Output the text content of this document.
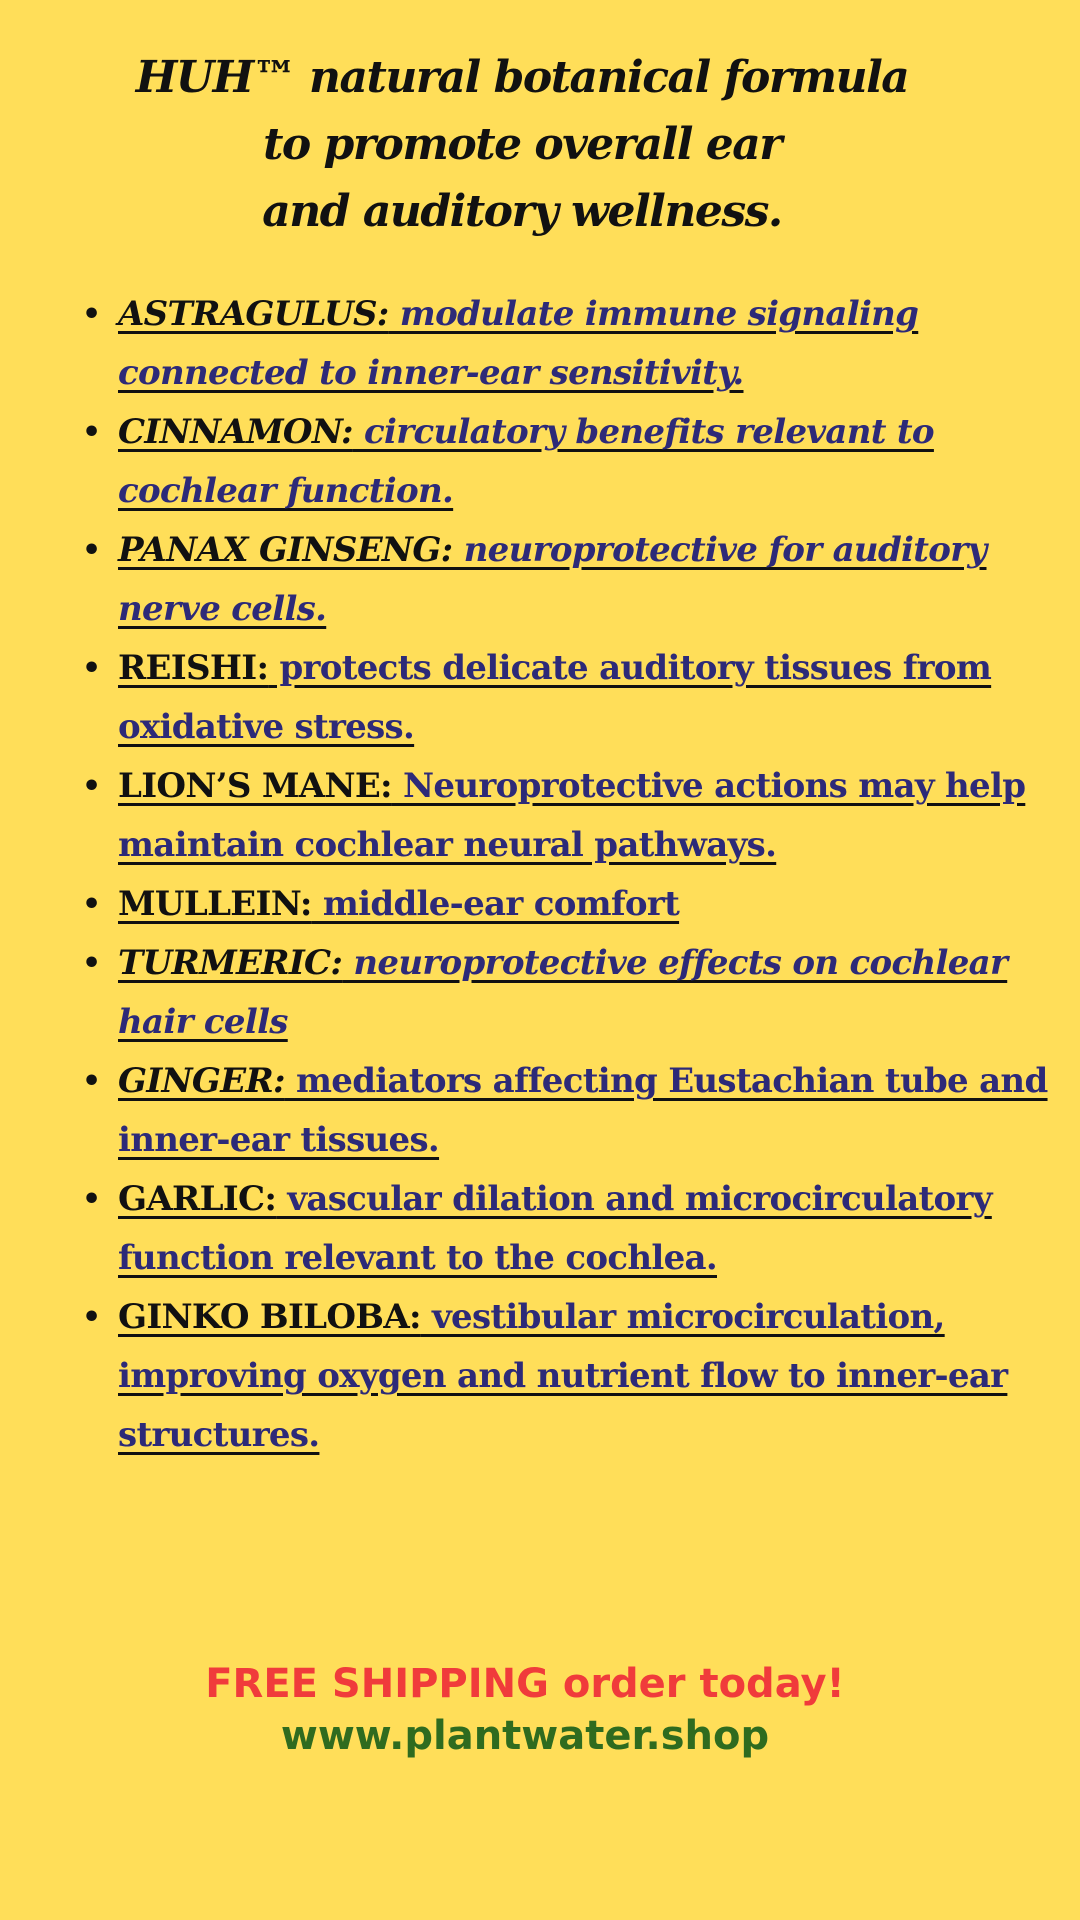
HUH™ natural botanical formula
to promote overall ear
and auditory wellness.
• ASTRAGULUS: modulate immune signaling connected to inner-ear sensitivity.
• CINNAMON: circulatory benefits relevant to cochlear function.
• PANAX GINSENG: neuroprotective for auditory nerve cells.
• REISHI: protects delicate auditory tissues from oxidative stress.
• LION’S MANE: Neuroprotective actions may help maintain cochlear neural pathways.
• MULLEIN: middle-ear comfort
• TURMERIC: neuroprotective effects on cochlear hair cells
• GINGER: mediators affecting Eustachian tube and inner-ear tissues.
• GARLIC: vascular dilation and microcirculatory function relevant to the cochlea.
• GINKO BILOBA: vestibular microcirculation, improving oxygen and nutrient flow to inner-ear structures.
FREE SHIPPING order today!
www.plantwater.shop
